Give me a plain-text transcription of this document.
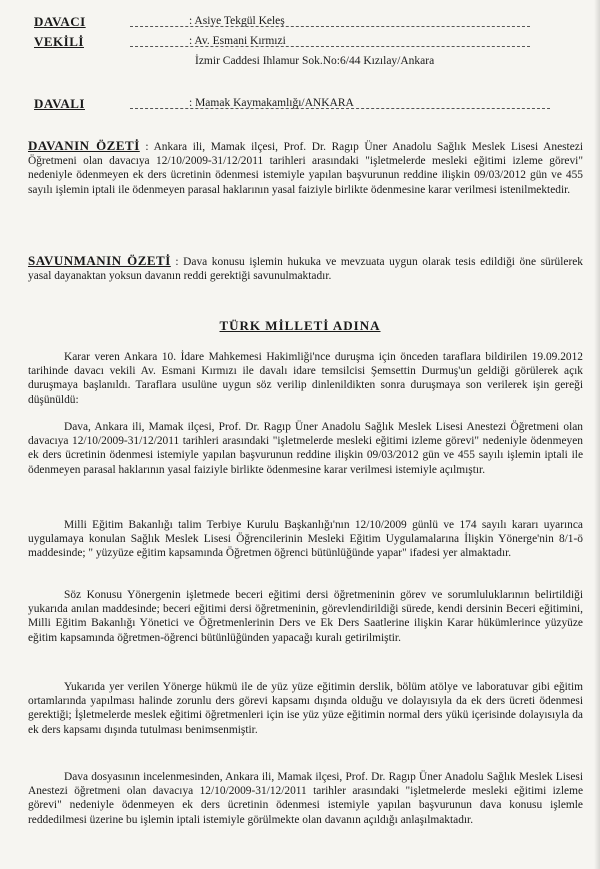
DAVACI	: Asiye Tekgül Keleş
VEKİLİ	: Av. Esmani Kırmızi
İzmir Caddesi Ihlamur Sok.No:6/44 Kızılay/Ankara
DAVALI	: Mamak Kaymakamlığı/ANKARA

DAVANIN ÖZETİ : Ankara ili, Mamak ilçesi, Prof. Dr. Ragıp Üner Anadolu Sağlık Meslek Lisesi Anestezi Öğretmeni olan davacıya 12/10/2009-31/12/2011 tarihleri arasındaki "işletmelerde mesleki eğitimi izleme görevi" nedeniyle ödenmeyen ek ders ücretinin ödenmesi istemiyle yapılan başvurunun reddine ilişkin 09/03/2012 gün ve 455 sayılı işlemin iptali ile ödenmeyen parasal haklarının yasal faiziyle birlikte ödenmesine karar verilmesi istenilmektedir.

SAVUNMANIN ÖZETİ : Dava konusu işlemin hukuka ve mevzuata uygun olarak tesis edildiği öne sürülerek yasal dayanaktan yoksun davanın reddi gerektiği savunulmaktadır.

TÜRK MİLLETİ ADINA

Karar veren Ankara 10. İdare Mahkemesi Hakimliği'nce duruşma için önceden taraflara bildirilen 19.09.2012 tarihinde davacı vekili Av. Esmani Kırmızı ile davalı idare temsilcisi Şemsettin Durmuş'un geldiği görülerek açık duruşmaya başlanıldı. Taraflara usulüne uygun söz verilip dinlenildikten sonra duruşmaya son verilerek işin gereği düşünüldü:

Dava, Ankara ili, Mamak ilçesi, Prof. Dr. Ragıp Üner Anadolu Sağlık Meslek Lisesi Anestezi Öğretmeni olan davacıya 12/10/2009-31/12/2011 tarihleri arasındaki "işletmelerde mesleki eğitimi izleme görevi" nedeniyle ödenmeyen ek ders ücretinin ödenmesi istemiyle yapılan başvurunun reddine ilişkin 09/03/2012 gün ve 455 sayılı işlemin iptali ile ödenmeyen parasal haklarının yasal faiziyle birlikte ödenmesine karar verilmesi istemiyle açılmıştır.

Milli Eğitim Bakanlığı talim Terbiye Kurulu Başkanlığı'nın 12/10/2009 günlü ve 174 sayılı kararı uyarınca uygulamaya konulan Sağlık Meslek Lisesi Öğrencilerinin Mesleki Eğitim Uygulamalarına İlişkin Yönerge'nin 8/1-ö maddesinde; " yüzyüze eğitim kapsamında Öğretmen öğrenci bütünlüğünde yapar" ifadesi yer almaktadır.

Söz Konusu Yönergenin işletmede beceri eğitimi dersi öğretmeninin görev ve sorumluluklarının belirtildiği yukarıda anılan maddesinde; beceri eğitimi dersi öğretmeninin, görevlendirildiği sürede, kendi dersinin Beceri eğitimini, Milli Eğitim Bakanlığı Yönetici ve Öğretmenlerinin Ders ve Ek Ders Saatlerine ilişkin Karar hükümlerince yüzyüze eğitim kapsamında öğretmen-öğrenci bütünlüğünden yapacağı kuralı getirilmiştir.

Yukarıda yer verilen Yönerge hükmü ile de yüz yüze eğitimin derslik, bölüm atölye ve laboratuvar gibi eğitim ortamlarında yapılması halinde zorunlu ders görevi kapsamı dışında olduğu ve dolayısıyla da ek ders ücreti ödenmesi gerektiği; İşletmelerde meslek eğitimi öğretmenleri için ise yüz yüze eğitimin normal ders yükü içerisinde dolayısıyla da ek ders kapsamı dışında tutulması benimsenmiştir.

Dava dosyasının incelenmesinden, Ankara ili, Mamak ilçesi, Prof. Dr. Ragıp Üner Anadolu Sağlık Meslek Lisesi Anestezi öğretmeni olan davacıya 12/10/2009-31/12/2011 tarihler arasındaki "işletmelerde mesleki eğitimi izleme görevi" nedeniyle ödenmeyen ek ders ücretinin ödenmesi istemiyle yapılan başvurunun dava konusu işlemle reddedilmesi üzerine bu işlemin iptali istemiyle görülmekte olan davanın açıldığı anlaşılmaktadır.
